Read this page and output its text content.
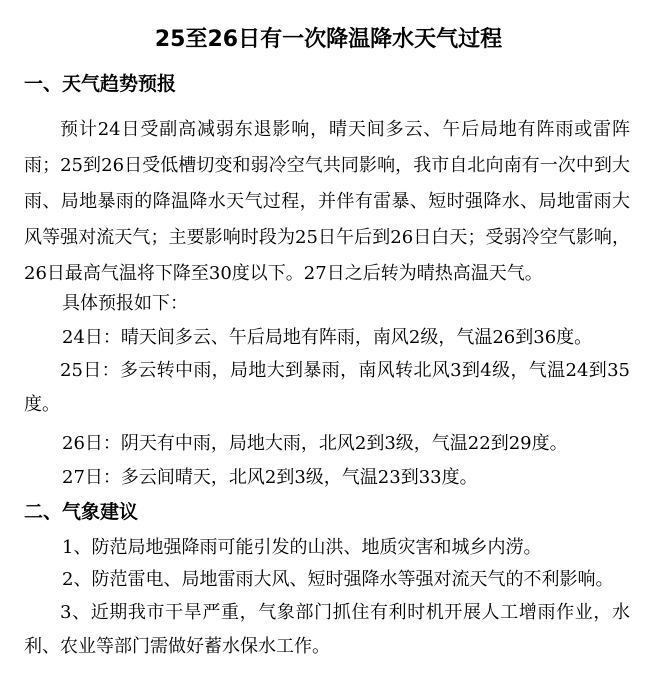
25至26日有一次降温降水天气过程
一、天气趋势预报
预计24日受副高减弱东退影响，晴天间多云、午后局地有阵雨或雷阵雨；25到26日受低槽切变和弱冷空气共同影响，我市自北向南有一次中到大雨、局地暴雨的降温降水天气过程，并伴有雷暴、短时强降水、局地雷雨大风等强对流天气；主要影响时段为25日午后到26日白天；受弱冷空气影响，26日最高气温将下降至30度以下。27日之后转为晴热高温天气。
具体预报如下：
24日：晴天间多云、午后局地有阵雨，南风2级，气温26到36度。
25日：多云转中雨，局地大到暴雨，南风转北风3到4级，气温24到35度。
26日：阴天有中雨，局地大雨，北风2到3级，气温22到29度。
27日：多云间晴天，北风2到3级，气温23到33度。
二、气象建议
1、防范局地强降雨可能引发的山洪、地质灾害和城乡内涝。
2、防范雷电、局地雷雨大风、短时强降水等强对流天气的不利影响。
3、近期我市干旱严重，气象部门抓住有利时机开展人工增雨作业，水利、农业等部门需做好蓄水保水工作。
